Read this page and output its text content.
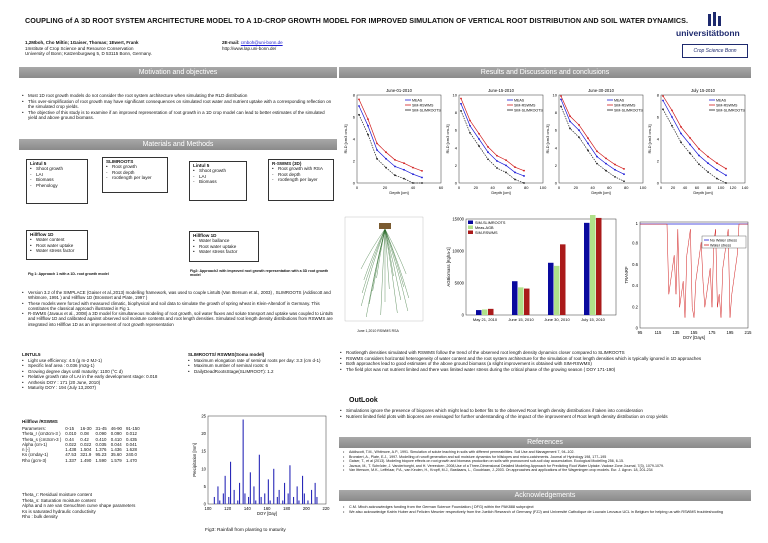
COUPLING of A 3D ROOT SYSTEM ARCHITECTURE MODEL TO A 1D-CROP GROWTH MODEL FOR IMPROVED SIMULATION OF VERTICAL ROOT DISTRIBUTION AND SOIL WATER DYNAMICS.
1,2Mboh, Cho Miltin; 1Gaiser, Thomas; 1Ewert, Frank
1Institute of Crop Science and Resource Conservation
University of Bonn; Katzenburgweg 5, D 53115 Bonn, Germany.
2E-mail: cmboh@uni-bonn.de
http://www.lap.uni-bonn.de/
universitätbonn
Crop Science Bonn
Motivation and objectives
Materials and Methods
Results and Discussions and conclusions
References
Acknowledgements
• Most 1D root growth models do not consider the root system architecture when simulating the RLD distribution
• This over-simplification of root growth may have significant consequences on simulated root water and nutrient uptake with a corresponding reflection on the simulated crop yields.
• The objective of this study is to examine if an improved representation of root growth in a 1D crop model can lead to better estimates of the simulated yield and above ground biomass.
Lintul 5
• Shoot growth
- LAI
- Biomass
- Phenology
SLIMROOTS
• Root growth
- Root depth
- rootlength per layer
Hillflow 1D
• Water content
• Root water uptake
• Water stress factor
Fig 1: Approach 1 with a 1D- root growth model
Lintul 5
• Shoot growth
- LAI
- Biomass
R-SWMS (3D)
• Root growth with RSA
- Root depth
- rootlength per layer
Hillflow 1D
• Water ballance
• Root water uptake
• Water stress factor
Fig2: Approach2 with improved root growth representation with a 3D root growth model
• Version 3.2 of the SIMPLACE (Gaiser et al.,2013) modelling framework, was used to couple Lintul5 (Van Ittersum et al., 2003) , SLIMROOTS (Addiscott and Whitmore, 1991 ) and Hillflow 1D (Bronstert and Plate, 1997 )
• These models were forced with measured climatic, biophysical and soil data to simulate the growth of spring wheat in Klein-Altendorf in Germany. This constitutes the classical approach illustrated in Fig 1.
• R-SWMS (Javaux et al., 2008) a 3D model for simultaneous modeling of root growth, soil water fluxes and solute transport and uptake was coupled to Lintul5 and Hillflow 1D and calibrated against observed soil moisture contents and root length densities. Simulated root length density distributions from RSWMS are integrated into Hillflow 1D as an improvement of root growth representation
LINTUL5
• Light use efficiency: 4.5 (g m-2 MJ-1)
• Specific leaf area : 0.036 (m2g-1)
• Growing degree days until maturity: 1100 (°C d)
• Relative growth rate of LAI in the early development stage: 0.018
• Anthesis DOY : 171 (20 June, 2010)
• Maturity DOY : 194 (July 13,2007)
SLIMROOTS/ RSWMS(Soma model)
• Maximum elongation rate of seminal roots per day: 3.3 (cm d-1)
• Maximum number of seminal roots: 6
• DailyDeadRootsStage(SLIMROOT): 1.2
Hillflow /RSWMS
Parameters:	0-15	16-30	31-45	46-90	91-150
Theta_r (cm3cm-3 )	0.010	0.08	0.090	0.090	0.012
Theta_s (cm3cm-3 )	0.44	0.42	0.410	0.410	0.435
Alpha (cm-1)	0.022	0.022	0.035	0.044	0.041
n [-]	1.438	1.504	1.376	1.436	1.628
Ks (cmday-1)	47.53	321.9	95.23	35.60	240.0
Rho (gcm-3)	1.337	1.490	1.590	1.579	1.470
Theta_r: Residual moisture content
Theta_s: Saturation moisture content
Alpha and n are van Genuchten curve shape parameters
Ks is saturated hydraulic conductivity
Rho : bulk density
0
5
10
15
20
25
100	120	140	160	180	200	220
DOY [Day]
Precipitation [mm]
Fig3: Rainfall from planting to maturity
June-01-2010
0
2
4
6
8
0	20	40	60
Depth [cm]
RLD [cm3 cm-3]
MEAS
SIM-RSWMS
SIM-SLIMROOTS
June-15-2010
0
2
4
6
8
10
0	20	40	60	80	100
Depth [cm]
RLD [cm3 cm-3]
MEAS
SIM-RSWMS
SIM-SLIMROOTS
June-30-2010
0
2
4
6
8
10
0	20	40	60	80	100
Depth [cm]
RLD [cm3 cm-3]
MEAS
SIM-RSWMS
SIM-SLIMROOTS
July 15-2010
0
2
4
6
8
0 20 40 60 80 100 120 140
Depth [cm]
RLD [cm3 cm-3]
MEAS
SIM-RSWMS
SIM-SLIMROOTS
June 1,2010 RSWMS RSA
0
5000
10000
15000
AGBiomass [Kgha-1]
May 21, 2010	June 15, 2010	June 30, 2010	July 15, 2010
SIM-SLIMROOTS
Meas-AGB
SIM-RSWMS
0
0.2
0.4
0.6
0.8
1
95	115	135	155	175	195	215
DOY [Days]
TRANRF
No Water stress
Water stress
• Rootlength densities simulated with RSWMS follow the trend of the observed root length density dynamics closer compared to SLIMROOTS
• RSWMS considers horizontal heterogeneity of water content and the root system architecture for the simulation of root length densities which is typically ignored in 1D approaches
• Both approaches lead to good estimates of the above ground biomass (a slight improvement is obtained with SIM-RSWMS)
• The field plot was not nutrient limited and there was limited water stress during the critical phase of the growing season ( DOY 171-190)
OutLook
• Simulations ignore the presence of biopores which might lead to better fits to the observed Root length density distributions if taken into consideration
• Nutrient limited field plots with biopores are envisaged for further understanding of the impact of the improvement of Root length density distribution on crop yields
• Addiscott, T.M., Whitmore, A.P., 1991. Simulation of solute leaching in soils with different permeabilities. Soil Use and Management 7, 94–102.
• Bronstert, A., Plate, E.J., 1997. Modelling of runoff generation and soil moisture dynamics for hillslopes and micro-catchments. Journal of Hydrology 198, 177–195
• Gaiser, T., et al (2013). Modeling biopore effects on root growth and biomass production on soils with pronounced sub-soil clay accumulation. Ecological Modelling 256, 6-15.
• Javaux, M., T. Schröder, J. Vanderborght, and H. Vereecken ,2008,Use of a Three-Dimensional Detailed Modeling Approach for Predicting Root Water Uptake. Vadose Zone Journal, 7(3), 1079-1079.
• Van Ittersum, M.K., Leffelaar, P.A., van Keulen, H., Kropff, M.J., Bastiaans, L., Goudriaan, J.,2003. On approaches and applications of the Wageningen crop models. Eur. J. Agron. 18, 201-234
• C.M. Mboh acknowledges funding from the German Science Foundation ( DFG) within the PAK888 subproject
• We also acknowledge Katrin Huber and Felicien Meunier respectively from the Jueilch Research of Germany (FZJ) and Université Catholique de Louvain Leuvaux UCL in Belgium for helping us with RSWMS troubleshooting
